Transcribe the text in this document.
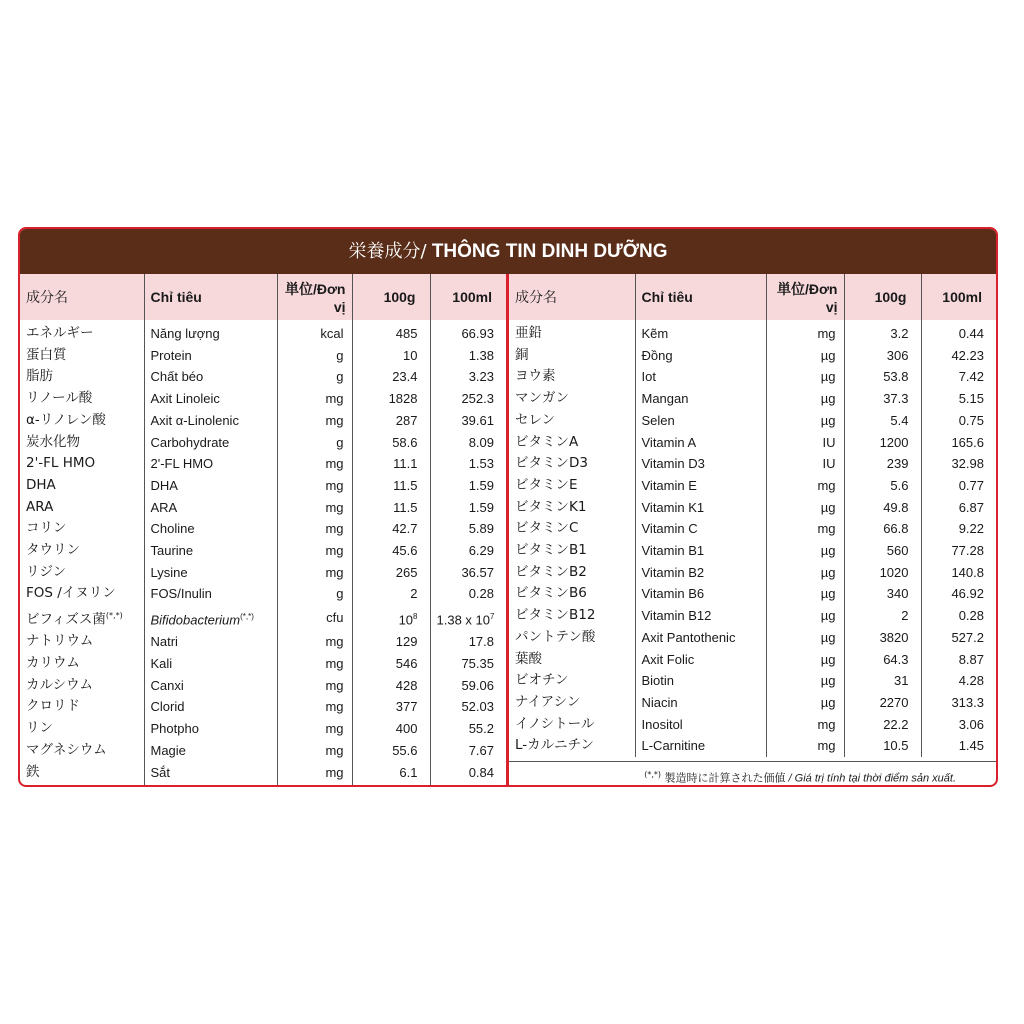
栄養成分/ THÔNG TIN DINH DƯỠNG
成分名	Chỉ tiêu	単位/Đơn vị	100g	100ml
エネルギー	Năng lượng	kcal	485	66.93
蛋白質	Protein	g	10	1.38
脂肪	Chất béo	g	23.4	3.23
リノール酸	Axit Linoleic	mg	1828	252.3
α-リノレン酸	Axit α-Linolenic	mg	287	39.61
炭水化物	Carbohydrate	g	58.6	8.09
2'-FL HMO	2'-FL HMO	mg	11.1	1.53
DHA	DHA	mg	11.5	1.59
ARA	ARA	mg	11.5	1.59
コリン	Choline	mg	42.7	5.89
タウリン	Taurine	mg	45.6	6.29
リジン	Lysine	mg	265	36.57
FOS /イヌリン	FOS/Inulin	g	2	0.28
ビフィズス菌(*,*)	Bifidobacterium(*,*)	cfu	$10^8$	1.38 x $10^7$
ナトリウム	Natri	mg	129	17.8
カリウム	Kali	mg	546	75.35
カルシウム	Canxi	mg	428	59.06
クロリド	Clorid	mg	377	52.03
リン	Photpho	mg	400	55.2
マグネシウム	Magie	mg	55.6	7.67
鉄	Sắt	mg	6.1	0.84

成分名	Chỉ tiêu	単位/Đơn vị	100g	100ml
亜鉛	Kẽm	mg	3.2	0.44
銅	Đồng	µg	306	42.23
ヨウ素	Iot	µg	53.8	7.42
マンガン	Mangan	µg	37.3	5.15
セレン	Selen	µg	5.4	0.75
ビタミンA	Vitamin A	IU	1200	165.6
ビタミンD3	Vitamin D3	IU	239	32.98
ビタミンE	Vitamin E	mg	5.6	0.77
ビタミンK1	Vitamin K1	µg	49.8	6.87
ビタミンC	Vitamin C	mg	66.8	9.22
ビタミンB1	Vitamin B1	µg	560	77.28
ビタミンB2	Vitamin B2	µg	1020	140.8
ビタミンB6	Vitamin B6	µg	340	46.92
ビタミンB12	Vitamin B12	µg	2	0.28
パントテン酸	Axit Pantothenic	µg	3820	527.2
葉酸	Axit Folic	µg	64.3	8.87
ビオチン	Biotin	µg	31	4.28
ナイアシン	Niacin	µg	2270	313.3
イノシトール	Inositol	mg	22.2	3.06
L-カルニチン	L-Carnitine	mg	10.5	1.45
(*,*) 製造時に計算された価値 / Giá trị tính tại thời điểm sản xuất.
